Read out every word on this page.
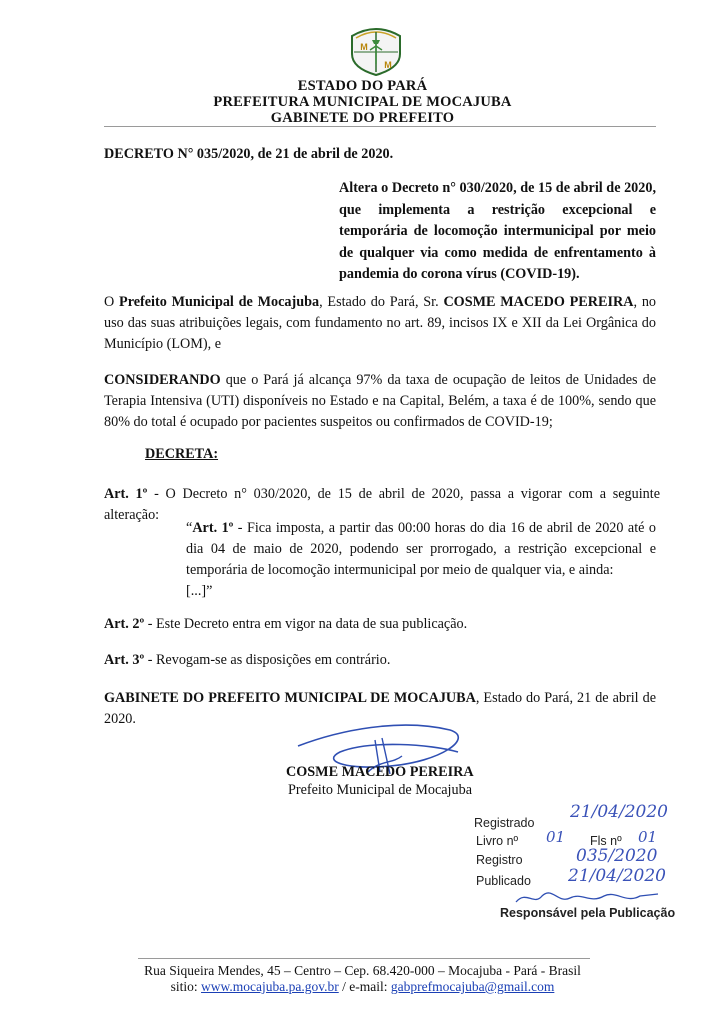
M
M
ESTADO DO PARÁ
PREFEITURA MUNICIPAL DE MOCAJUBA
GABINETE DO PREFEITO
DECRETO N° 035/2020, de 21 de abril de 2020.
Altera o Decreto n° 030/2020, de 15 de abril de 2020, que implementa a restrição excepcional e temporária de locomoção intermunicipal por meio de qualquer via como medida de enfrentamento à pandemia do corona vírus (COVID-19).
O Prefeito Municipal de Mocajuba, Estado do Pará, Sr. COSME MACEDO PEREIRA, no uso das suas atribuições legais, com fundamento no art. 89, incisos IX e XII da Lei Orgânica do Município (LOM), e
CONSIDERANDO que o Pará já alcança 97% da taxa de ocupação de leitos de Unidades de Terapia Intensiva (UTI) disponíveis no Estado e na Capital, Belém, a taxa é de 100%, sendo que 80% do total é ocupado por pacientes suspeitos ou confirmados de COVID-19;
DECRETA:
Art. 1º - O Decreto n° 030/2020, de 15 de abril de 2020, passa a vigorar com a seguinte alteração:
“Art. 1º - Fica imposta, a partir das 00:00 horas do dia 16 de abril de 2020 até o dia 04 de maio de 2020, podendo ser prorrogado, a restrição excepcional e temporária de locomoção intermunicipal por meio de qualquer via, e ainda:
[...]”
Art. 2º - Este Decreto entra em vigor na data de sua publicação.
Art. 3º - Revogam-se as disposições em contrário.
GABINETE DO PREFEITO MUNICIPAL DE MOCAJUBA, Estado do Pará, 21 de abril de 2020.
COSME MACEDO PEREIRA
Prefeito Municipal de Mocajuba
Registrado
21/04/2020
Livro nº 01 Fls nº 01
Registro	035/2020
Publicado 21/04/2020
Responsável pela Publicação
Rua Siqueira Mendes, 45 – Centro – Cep. 68.420-000 – Mocajuba - Pará - Brasil
sitio: www.mocajuba.pa.gov.br / e-mail: gabprefmocajuba@gmail.com
